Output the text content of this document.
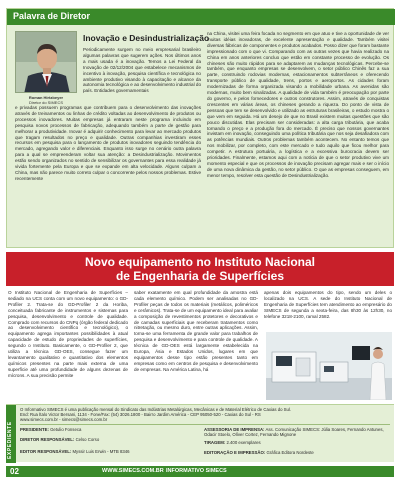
Palavra de Diretor
Roman Hirtzbeyer
Diretor do SIMECS
Inovação e Desindustrialização
Periodicamente surgem no meio empresarial brasileiro algumas palavras que sugerem ações. Nos últimos anos a mais usada é a inovação. Temos a Lei Federal da Inovação de 02/12/2004 que estabelece mecanismos de incentivo à inovação, pesquisa científica e tecnológica no ambiente produtivo visando à capacitação e alcance da autonomia tecnológica e ao desenvolvimento industrial do país. Entidades governamentais
e privadas possuem programas que contribuem para o desenvolvimento das inovações através de treinamentos ou linhas de crédito voltadas ao desenvolvimento de produtos ou processos inovadores. Muitas empresas já entraram neste programa incluindo em pesquisa novos processos de fabricação, adequando também a parte de gestão para melhorar a produtividade. Inovar é adquirir conhecimento para levar ao mercado produtos que tragam resultados no preço e qualidade. Outras companhias investiram esses recursos em pesquisa para o lançamento de produtos inovadores seguindo tendência do mercado, agregando valor e diferenciais. Enquanto isso surge no cenário outra palavra para a qual se empreenderam voltar sua atenção: a Desindustrialização. Movimentos estão sendo organizados no sentido de sensibilizar os governantes para essa realidade já vivida fortemente pela Europa e que se expande em alta velocidade. Alguns culpam a China, mas não parece muito correto culpar o concorrente pelos nossos problemas. Estive recentemente
na China, visitei uma feira focada no segmento em que atuo e tive a oportunidade de ver muitas idéias inovadoras, de excelente apresentação e qualidade. Também visitei diversas fábricas de componentes e produtos acabados. Posso dizer que foram bastante impressionado com o que vi. Comparando com as outras vezes que havia realizado na China em anos anteriores concluo que estão em constante processo de evolução. Os chineses são muito rápidos para se adaptarem as mudanças tecnológicas. Percebe-se também, que enquanto empresas se desenvolvem, o setor público Chinês faz a sua parte, construindo rodovias modernas, estacionamentos subterrâneos e oferecendo transporte público de qualidade, trens, portos e aeroportos. As cidades foram modernizadas de forma organizada visando a mobilidade urbana. As avenidas são modernas, muito bem sinalizadas. A qualidade de vida também é preocupação por parte do governo, e pelos fornecedores e outros construtores. Assim, através de conquistas crescentes em várias áreas, os chineses gerando a riqueza. Do ponto de vista de pessoas que tem se desenvolvido e utilizado as estruturas brasileiras, o estudo mostra o que vem em seguida. Há um desejo de que no Brasil existem muitas questões que são pouco discutidas. Elas precisam ser consideradas: a alta carga tributária, que acaba tornando o preço e a produção fora do mercado. É preciso que nossos governantes invistam em inovação, conseguindo uma política tributária que nos seja desafiadora com as potências mundiais. Outros problemas também acontecem. No entanto temos que nos mobilizar, por completo, com este mercado e tudo aquilo que ficou melhor para competir. A estrutura portuária, a logística e a excessiva burocracia devem ser prioridades. Finalmente, estamos aqui com a notícia de que o setor produtivo vive um momento especial e que os processos de inovação precisam agregar mais e ser o início de uma nova dinâmica da gestão, no setor público. O que as empresas conseguem, em menor tempo, resolver esta questão de Desindustrialização.
Novo equipamento no Instituto Nacional
de Engenharia de Superfícies
O Instituto Nacional de Engenharia de Superfícies – sediado na UCS conta com um novo equipamento: o GD-Profiler 2. Trata-se do GD-Profiler 2 da Horiba, conceituada fabricante de instrumentos e sistemas para pesquisa, desenvolvimento e controle de qualidade. Comprado com recursos do CNPq (órgão federal dedicado ao desenvolvimento científico e tecnológico), o equipamento agrega importantes possibilidades à atual capacidade de estudo de propriedades de superfícies, segundo o Instituto. Basicamente, o GD-Profiler 2, que utiliza a técnica GD-OES, consegue fazer um levantamento qualitativo e quantitativo dos elementos químicos presentes na parte mais externa de uma superfície até uma profundidade de alguns dezenas de mícrons. A sua precisão permite
saber exatamente em qual profundidade da amostra está cada elemento químico. Podem ser analisadas no GD-Profiler peças de todos os materiais (metálicos, poliméricos e cerâmicos). Trata-se de um equipamento ideal para avaliar a composição de revestimentos protetores e decorativos e de camadas superficiais que receberam tratamentos como nitretação, ou mesmo duro, entre outras aplicações. Assim, torna-se uma ferramenta de grande valor para trabalhos de pesquisa e desenvolvimento e para controle de qualidade. A técnica de GD-OES está largamente estabelecida na Europa, Ásia e Estados Unidos, lugares em que equipamentos desse tipo estão presentes tanto em empresas como em centros de pesquisa e desenvolvimento de empresas. Na América Latina, há
apenas dois equipamentos do tipo, sendo um deles o localizado na UCS. A sede do Instituto Nacional de Engenharia de Superfícies tem atendimento ao empresário do SIMECS de segunda a sexta-feira, das 8h30 às 12h30, no telefone 3218-2100, ramal 2582.
EXPEDIENTE
O Informativo SIMECS é uma publicação mensal do Sindicato das Indústrias Metalúrgicas, Mecânicas e de Material Elétrico de Caxias do Sul.
End: Rua Ítalo Victor Bersani, 1134 - Fone/Fax: (54) 3026.1800 - Bairro Jardim América - CEP 95050-520 - Caxias do Sul - RS
www.simecs.com.br - simecs@simecs.com.br
PRESIDENTE: Getulio Fonseca
DIRETOR RESPONSÁVEL: Celso Corso
EDITOR RESPONSÁVEL: Myssir Luis Erwin - MTB 8346
ASSESSORIA DE IMPRENSA: Ass. Comunicação SIMECS: Júlia Soares, Fernando Antunes, Odacir Stoelo, Olíver Cortez, Fernando Mignone
TIRAGEM: 2.400 exemplares
EDITORAÇÃO E IMPRESSÃO: Gráfica Editora Nordeste
02	WWW.SIMECS.COM.BR INFORMATIVO SIMECS
